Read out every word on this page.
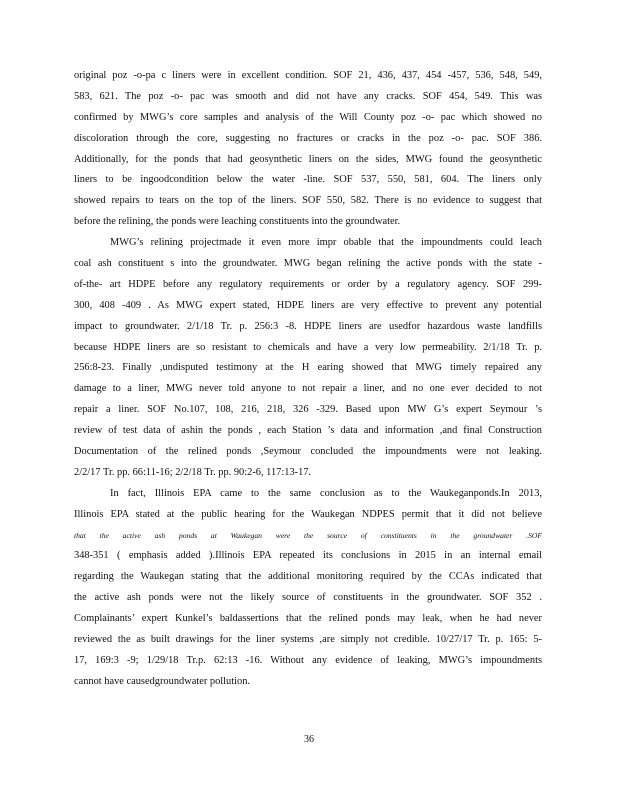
original poz -o-pa c liners were in excellent condition. SOF 21, 436, 437, 454 -457, 536, 548, 549,
583, 621. The poz -o- pac was smooth and did not have any cracks. SOF 454, 549. This was
confirmed by MWG’s core samples and analysis of the Will County poz -o- pac which showed no
discoloration through the core, suggesting no fractures or cracks in the poz -o- pac. SOF 386.
Additionally, for the ponds that had geosynthetic liners on the sides, MWG found the geosynthetic
liners to be ingoodcondition below the water -line. SOF 537, 550, 581, 604. The liners only
showed repairs to tears on the top of the liners. SOF 550, 582. There is no evidence to suggest that
before the relining, the ponds were leaching constituents into the groundwater.
MWG’s relining projectmade it even more impr obable that the impoundments could leach
coal ash constituent s into the groundwater. MWG began relining the active ponds with the state -
of-the- art HDPE before any regulatory requirements or order by a regulatory agency. SOF 299-
300, 408 -409 . As MWG expert stated, HDPE liners are very effective to prevent any potential
impact to groundwater. 2/1/18 Tr. p. 256:3 -8. HDPE liners are usedfor hazardous waste landfills
because HDPE liners are so resistant to chemicals and have a very low permeability. 2/1/18 Tr. p.
256:8-23. Finally ,undisputed testimony at the H earing showed that MWG timely repaired any
damage to a liner, MWG never told anyone to not repair a liner, and no one ever decided to not
repair a liner. SOF No.107, 108, 216, 218, 326 -329. Based upon MW G’s expert Seymour ’s
review of test data of ashin the ponds , each Station ’s data and information ,and final Construction
Documentation of the relined ponds ,Seymour concluded the impoundments were not leaking.
2/2/17 Tr. pp. 66:11-16; 2/2/18 Tr. pp. 90:2-6, 117:13-17.
In fact, Illinois EPA came to the same conclusion as to the Waukeganponds.In 2013,
Illinois EPA stated at the public hearing for the Waukegan NDPES permit that it did not believe
that the active ash ponds at Waukegan were the source of constituents in the groundwater .SOF
348-351 ( emphasis added ).Illinois EPA repeated its conclusions in 2015 in an internal email
regarding the Waukegan stating that the additional monitoring required by the CCAs indicated that
the active ash ponds were not the likely source of constituents in the groundwater. SOF 352 .
Complainants’ expert Kunkel’s baldassertions that the relined ponds may leak, when he had never
reviewed the as built drawings for the liner systems ,are simply not credible. 10/27/17 Tr. p. 165: 5-
17, 169:3 -9; 1/29/18 Tr.p. 62:13 -16. Without any evidence of leaking, MWG’s impoundments
cannot have causedgroundwater pollution.
36
